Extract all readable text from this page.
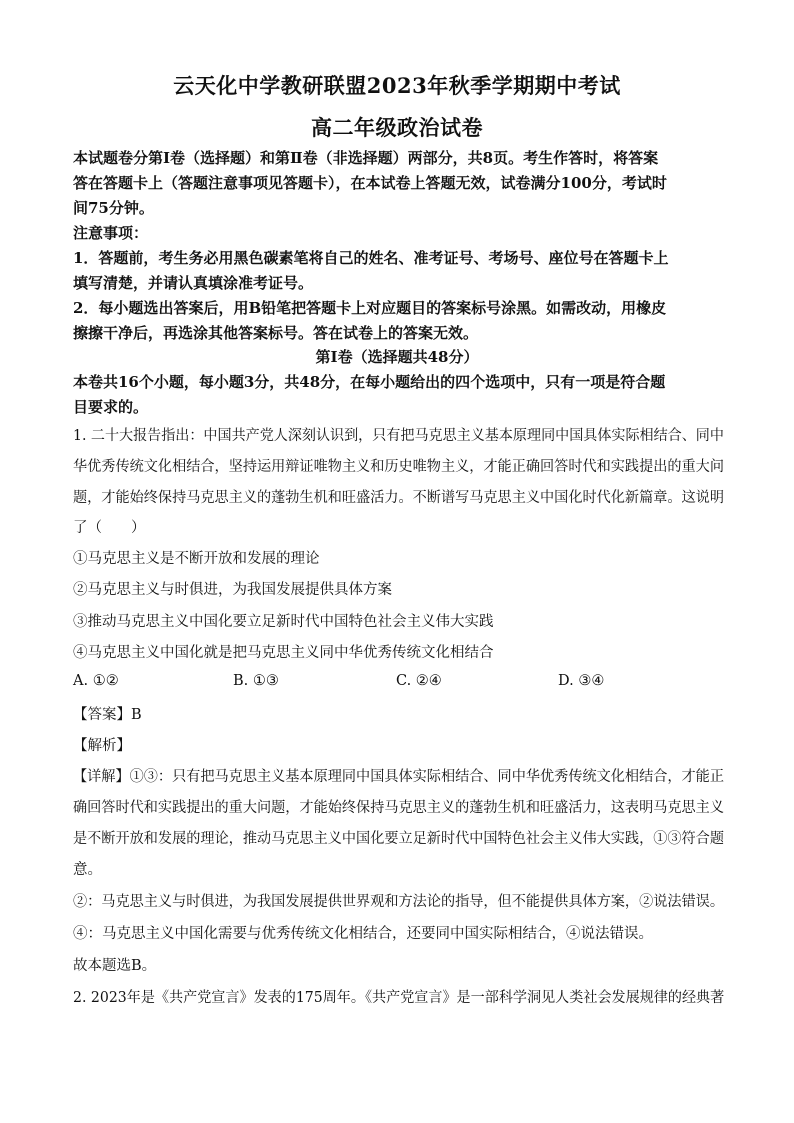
云天化中学教研联盟2023年秋季学期期中考试
高二年级政治试卷
本试题卷分第Ⅰ卷（选择题）和第Ⅱ卷（非选择题）两部分，共8页。考生作答时，将答案
答在答题卡上（答题注意事项见答题卡），在本试卷上答题无效，试卷满分100分，考试时
间75分钟。
注意事项：
1．答题前，考生务必用黑色碳素笔将自己的姓名、准考证号、考场号、座位号在答题卡上
填写清楚，并请认真填涂准考证号。
2．每小题选出答案后，用B铅笔把答题卡上对应题目的答案标号涂黑。如需改动，用橡皮
擦擦干净后，再选涂其他答案标号。答在试卷上的答案无效。
第Ⅰ卷（选择题共48分）
本卷共16个小题，每小题3分，共48分，在每小题给出的四个选项中，只有一项是符合题
目要求的。
1. 二十大报告指出：中国共产党人深刻认识到，只有把马克思主义基本原理同中国具体实际相结合、同中
华优秀传统文化相结合，坚持运用辩证唯物主义和历史唯物主义，才能正确回答时代和实践提出的重大问
题，才能始终保持马克思主义的蓬勃生机和旺盛活力。不断谱写马克思主义中国化时代化新篇章。这说明
了（　　）
①马克思主义是不断开放和发展的理论
②马克思主义与时俱进，为我国发展提供具体方案
③推动马克思主义中国化要立足新时代中国特色社会主义伟大实践
④马克思主义中国化就是把马克思主义同中华优秀传统文化相结合
A. ①②	B. ①③	C. ②④	D. ③④
【答案】B
【解析】
【详解】①③：只有把马克思主义基本原理同中国具体实际相结合、同中华优秀传统文化相结合，才能正
确回答时代和实践提出的重大问题，才能始终保持马克思主义的蓬勃生机和旺盛活力，这表明马克思主义
是不断开放和发展的理论，推动马克思主义中国化要立足新时代中国特色社会主义伟大实践，①③符合题
意。
②：马克思主义与时俱进，为我国发展提供世界观和方法论的指导，但不能提供具体方案，②说法错误。
④：马克思主义中国化需要与优秀传统文化相结合，还要同中国实际相结合，④说法错误。
故本题选B。
2. 2023年是《共产党宣言》发表的175周年。《共产党宣言》是一部科学洞见人类社会发展规律的经典著
